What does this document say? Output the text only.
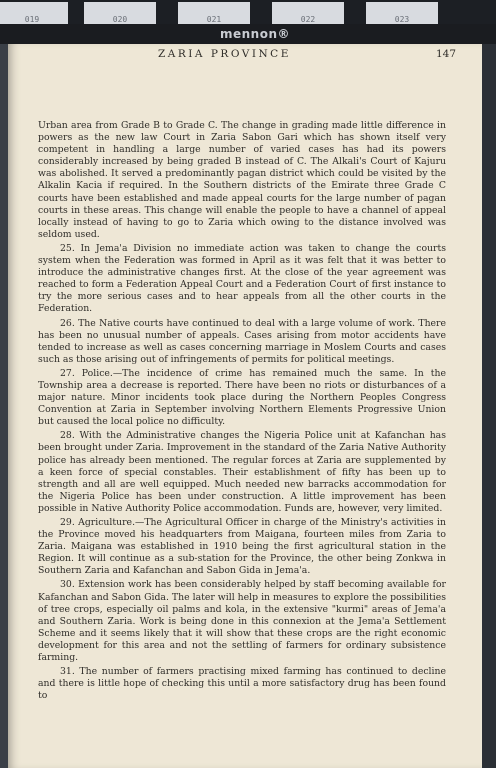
019	020	021	022	023
mennon®
ZARIA PROVINCE	147

Urban area from Grade B to Grade C. The change in grading made little difference in powers as the new law Court in Zaria Sabon Gari which has shown itself very competent in handling a large number of varied cases has had its powers considerably increased by being graded B instead of C. The Alkali's Court of Kajuru was abolished. It served a predominantly pagan district which could be visited by the Alkalin Kacia if required. In the Southern districts of the Emirate three Grade C courts have been established and made appeal courts for the large number of pagan courts in these areas. This change will enable the people to have a channel of appeal locally instead of having to go to Zaria which owing to the distance involved was seldom used.

25. In Jema'a Division no immediate action was taken to change the courts system when the Federation was formed in April as it was felt that it was better to introduce the administrative changes first. At the close of the year agreement was reached to form a Federation Appeal Court and a Federation Court of first instance to try the more serious cases and to hear appeals from all the other courts in the Federation.

26. The Native courts have continued to deal with a large volume of work. There has been no unusual number of appeals. Cases arising from motor accidents have tended to increase as well as cases concerning marriage in Moslem Courts and cases such as those arising out of infringements of permits for political meetings.

27. Police.—The incidence of crime has remained much the same. In the Township area a decrease is reported. There have been no riots or disturbances of a major nature. Minor incidents took place during the Northern Peoples Congress Convention at Zaria in September involving Northern Elements Progressive Union but caused the local police no difficulty.

28. With the Administrative changes the Nigeria Police unit at Kafanchan has been brought under Zaria. Improvement in the standard of the Zaria Native Authority police has already been mentioned. The regular forces at Zaria are supplemented by a keen force of special constables. Their establishment of fifty has been up to strength and all are well equipped. Much needed new barracks accommodation for the Nigeria Police has been under construction. A little improvement has been possible in Native Authority Police accommodation. Funds are, however, very limited.

29. Agriculture.—The Agricultural Officer in charge of the Ministry's activities in the Province moved his headquarters from Maigana, fourteen miles from Zaria to Zaria. Maigana was established in 1910 being the first agricultural station in the Region. It will continue as a sub-station for the Province, the other being Zonkwa in Southern Zaria and Kafanchan and Sabon Gida in Jema'a.

30. Extension work has been considerably helped by staff becoming available for Kafanchan and Sabon Gida. The later will help in measures to explore the possibilities of tree crops, especially oil palms and kola, in the extensive "kurmi" areas of Jema'a and Southern Zaria. Work is being done in this connexion at the Jema'a Settlement Scheme and it seems likely that it will show that these crops are the right economic development for this area and not the settling of farmers for ordinary subsistence farming.

31. The number of farmers practising mixed farming has continued to decline and there is little hope of checking this until a more satisfactory drug has been found to
